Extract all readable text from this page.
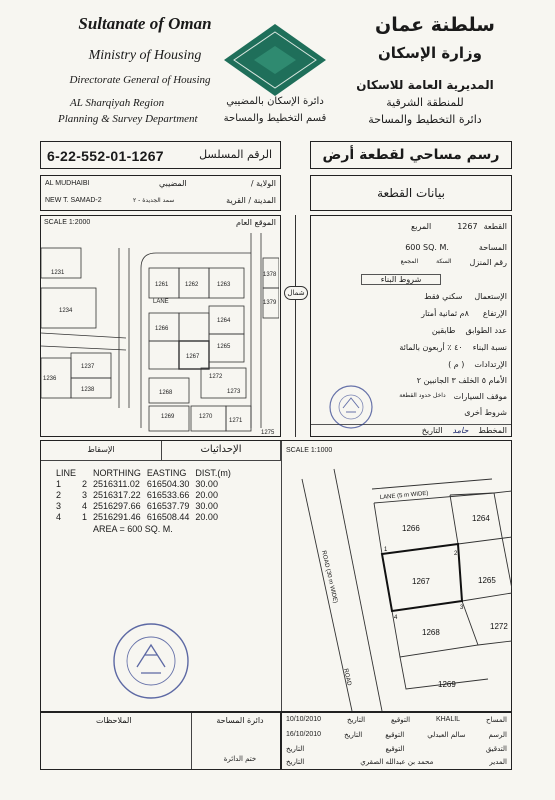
Sultanate of Oman
Ministry of Housing
Directorate General of Housing
AL Sharqiyah Region
Planning & Survey Department
سلطنة عمان
وزارة الإسكان
المديرية العامة للاسكان
للمنطقة الشرقية
دائرة التخطيط والمساحة
دائرة الإسكان بالمضيبي
قسم التخطيط والمساحة
6-22-552-01-1267	الرقم المسلسل	رسم مساحي لقطعة أرض
AL MUDHAIBI	المضيبي	الولاية /
NEW T. SAMAD-2	سمد الجديدة - ٢	المدينة / القرية
بيانات القطعة
SCALE 1:2000	الموقع العام
LANE
1231
1261	1262	1263
1378
1379
1234
1264
1266
1265
1267
1237
1272
1236
1268	1273
1238
1269	1270
1271
1275
شمال
القطعة
1267
المربع
المساحة
600 SQ. M.
رقم المنزل
السكة
المجمع
شروط البناء
الإستعمال
سكني فقط
الإرتفاع
٨م ثمانية أمتار
عدد الطوابق
طابقين
نسبة البناء
٤٠ ٪ أربعون بالمائة
الإرتدادات
( م )
الأمام ٥ الخلف ٣ الجانبين ٢
موقف السيارات
داخل حدود القطعة
شروط أخرى
المخطط
حامد
التاريخ
الإحداثيات
الإسقاط
LINE		NORTHING	EASTING	DIST.(m)
1	2	2516311.02	616504.30	30.00
2	3	2516317.22	616533.66	20.00
3	4	2516297.66	616537.79	30.00
4	1	2516291.46	616508.44	20.00
AREA = 600 SQ. M.
SCALE 1:1000
1264
1266
1265
1267
1272
1268
1269
1
2
3
4
LANE (5 m WIDE)
ROAD (30 m WIDE)
ROAD
الملاحظات	دائرة المساحة
ختم الدائرة
10/10/2010	التاريخ	التوقيع	KHALIL	المساح
16/10/2010	التاريخ	التوقيع	سالم العبدلي	الرسم
التاريخ	التوقيع	التدقيق
التاريخ	محمد بن عبدالله الصقري	المدير
